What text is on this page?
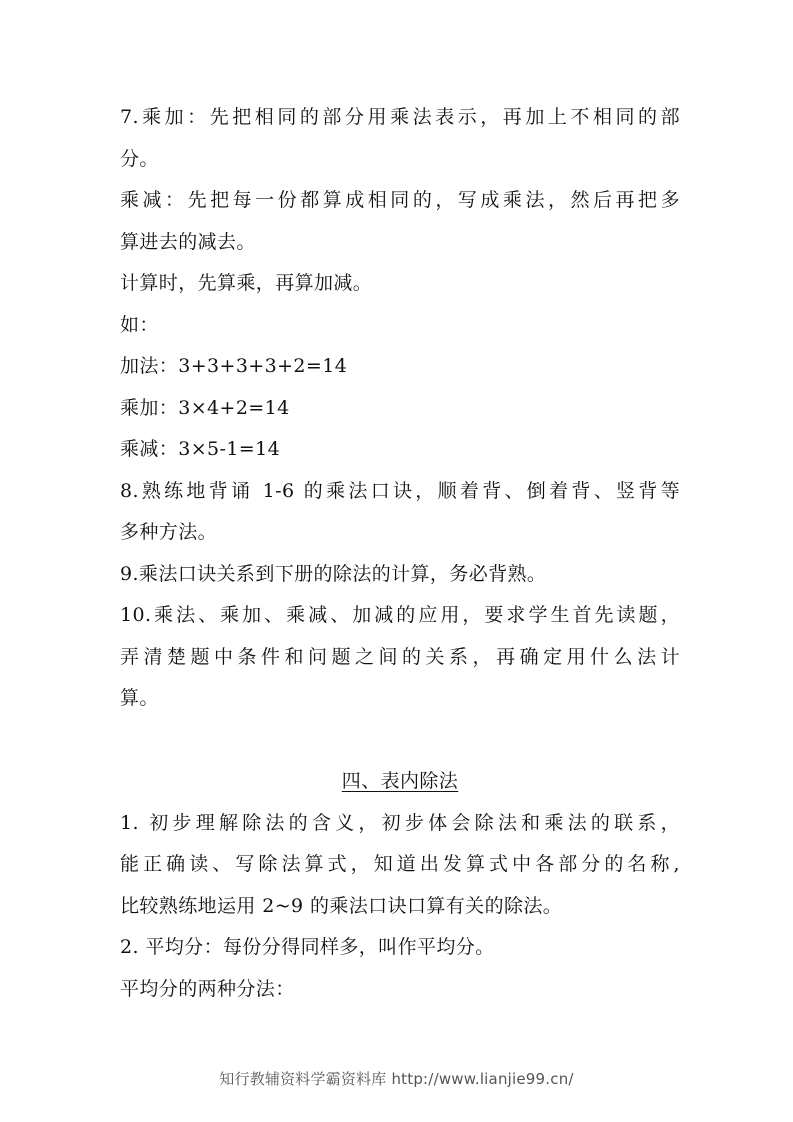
7.乘加：先把相同的部分用乘法表示，再加上不相同的部
分。
乘减：先把每一份都算成相同的，写成乘法，然后再把多
算进去的减去。
计算时，先算乘，再算加减。
如：
加法：3+3+3+3+2=14
乘加：3×4+2=14
乘减：3×5-1=14
8.熟练地背诵 1-6 的乘法口诀，顺着背、倒着背、竖背等
多种方法。
9.乘法口诀关系到下册的除法的计算，务必背熟。
10.乘法、乘加、乘减、加减的应用，要求学生首先读题，
弄清楚题中条件和问题之间的关系，再确定用什么法计
算。
四、表内除法
1. 初步理解除法的含义，初步体会除法和乘法的联系，
能正确读、写除法算式，知道出发算式中各部分的名称,
比较熟练地运用 2~9 的乘法口诀口算有关的除法。
2. 平均分：每份分得同样多，叫作平均分。
平均分的两种分法：
知行教辅资料学霸资料库 http://www.lianjie99.cn/
